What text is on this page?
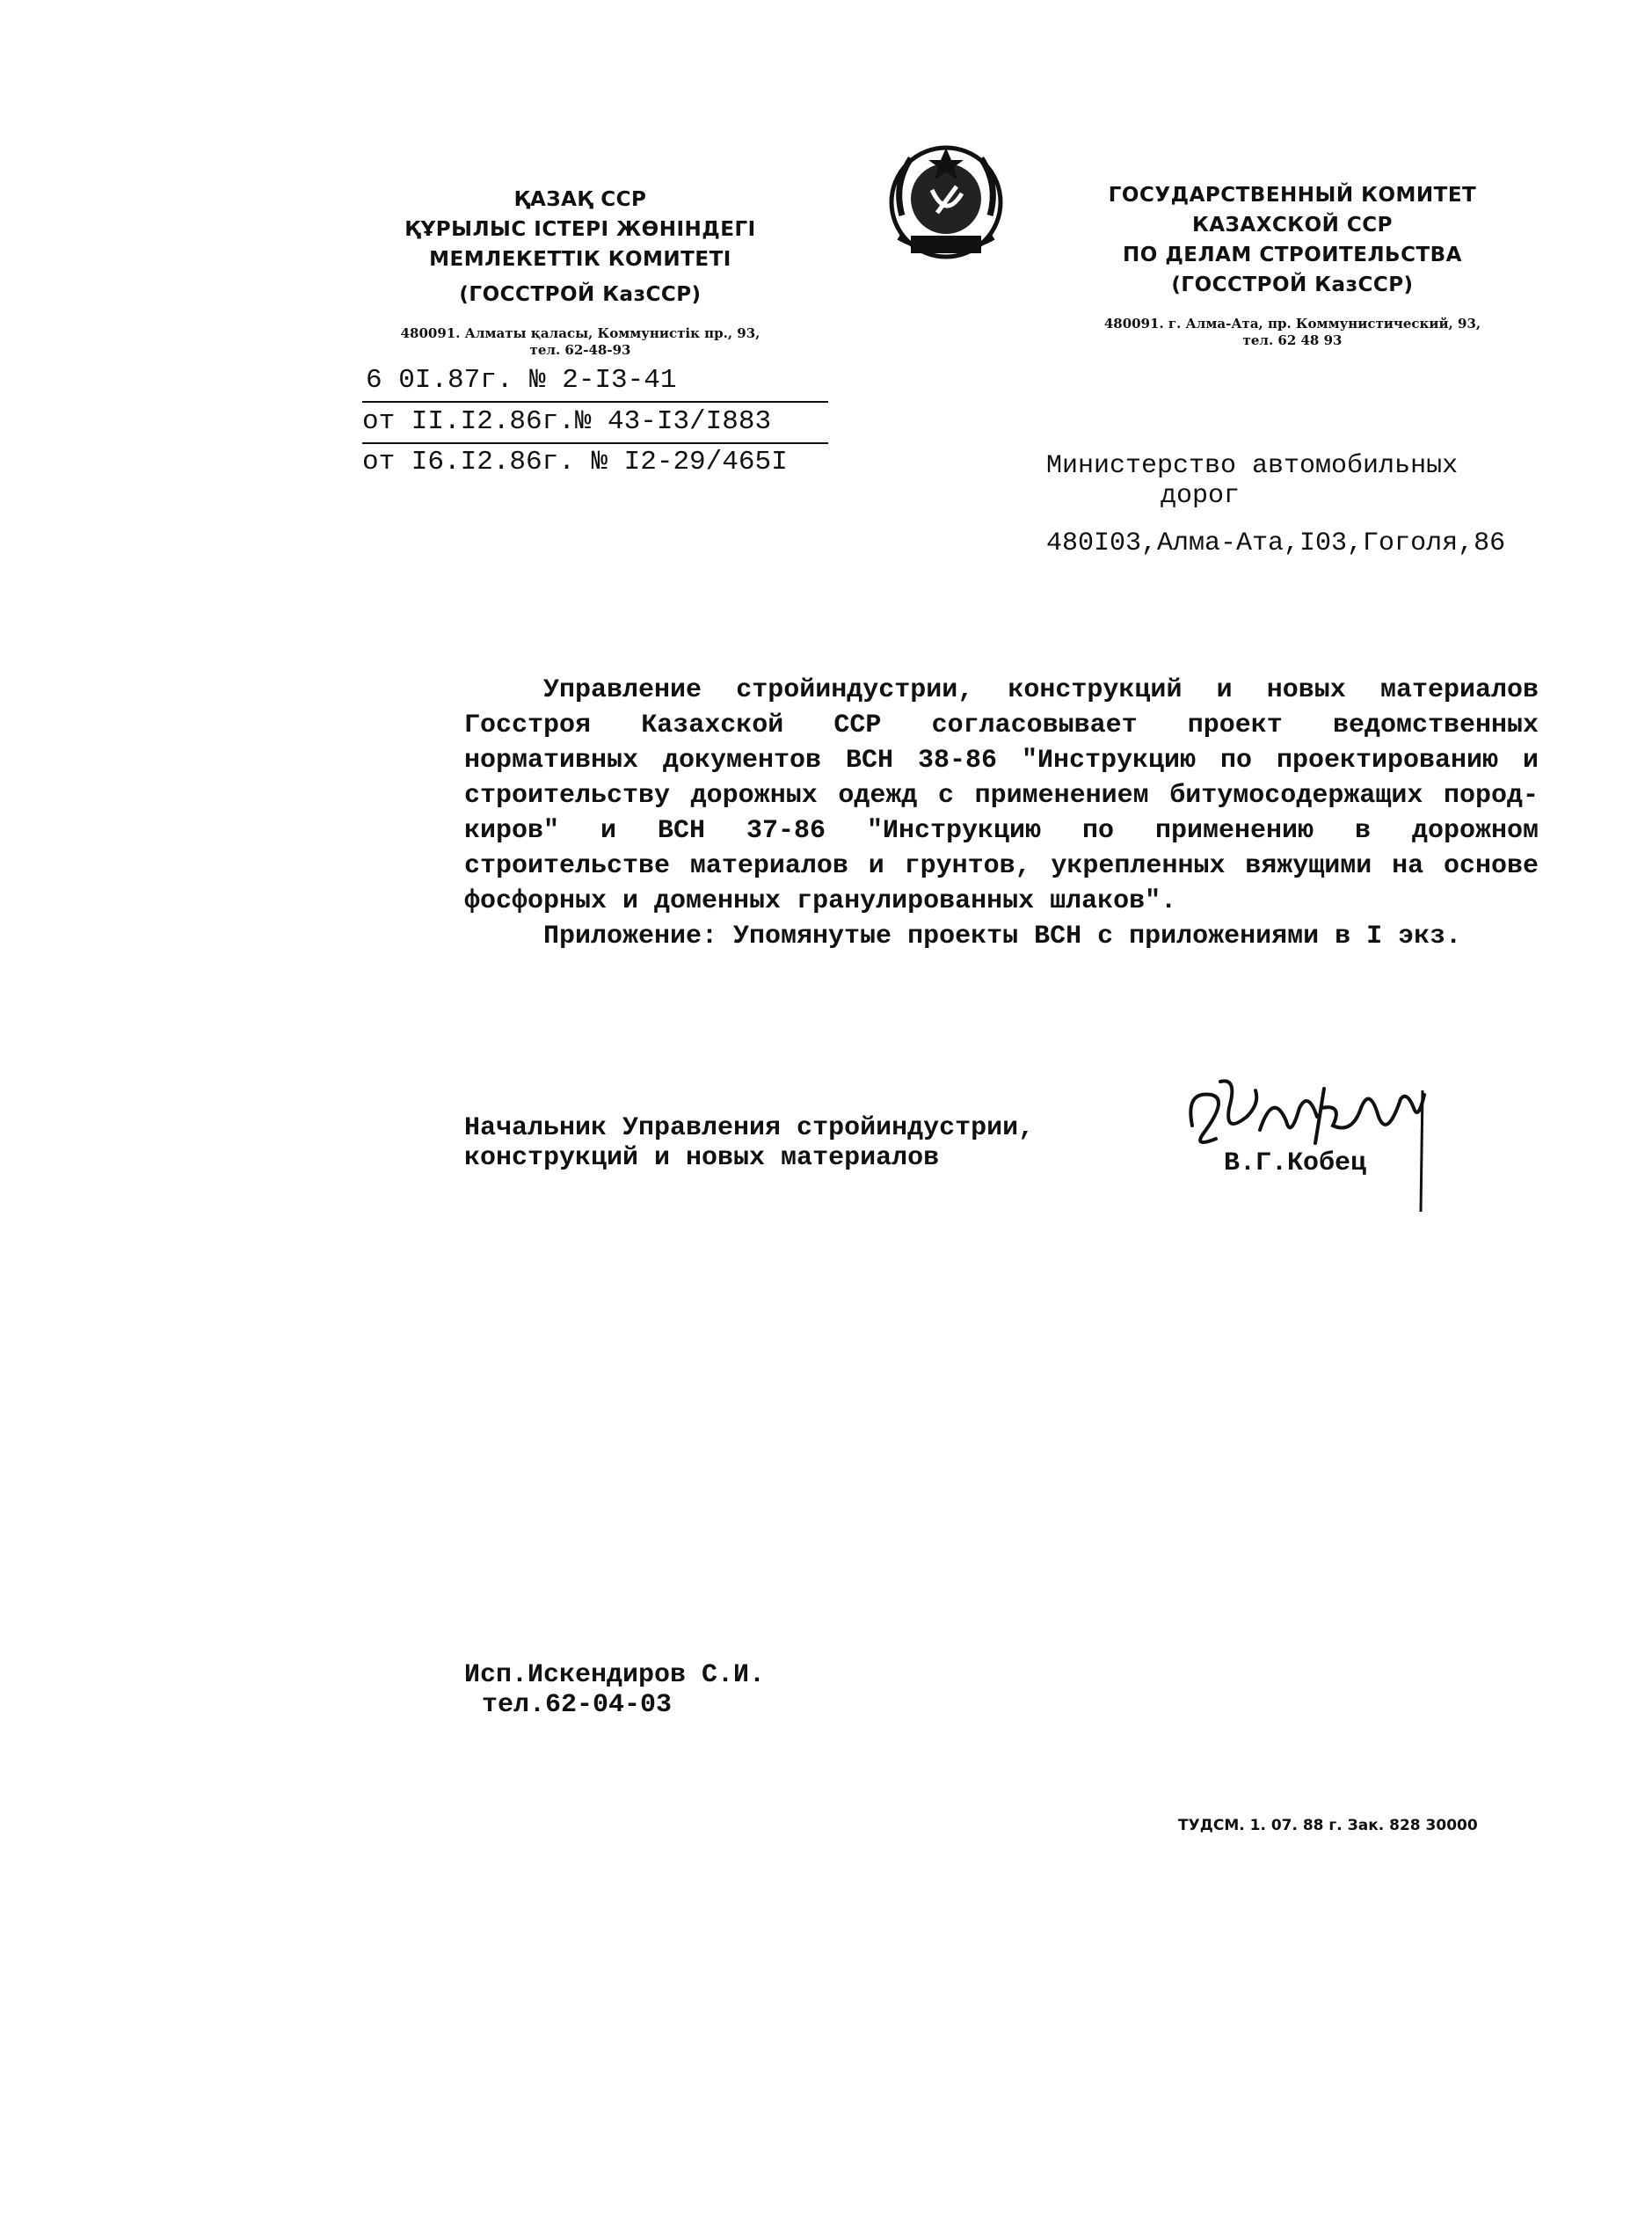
ҚАЗАҚ ССР
ҚҰРЫЛЫС ІСТЕРІ ЖӨНІНДЕГІ
МЕМЛЕКЕТТІК КОМИТЕТІ
(ГОССТРОЙ КазССР)
480091. Алматы қаласы, Коммунистік пр., 93,
тел. 62-48-93
ГОСУДАРСТВЕННЫЙ КОМИТЕТ
КАЗАХСКОЙ ССР
ПО ДЕЛАМ СТРОИТЕЛЬСТВА
(ГОССТРОЙ КазССР)
480091. г. Алма-Ата, пр. Коммунистический, 93,
тел. 62 48 93
6 0I.87г. № 2-I3-41
от II.I2.86г.№ 43-I3/I883
от I6.I2.86г. № I2-29/465I	Министерство автомобильных
дорог
480I03,Алма-Ата,I03,Гоголя,86

Управление стройиндустрии, конструкций и новых материалов Госстроя Казахской ССР согласовывает проект ведомственных нормативных документов ВСН 38-86 "Инструкцию по проектированию и строительству дорожных одежд с применением битумосодержащих пород-киров" и ВСН 37-86 "Инструкцию по применению в дорожном строительстве материалов и грунтов, укрепленных вяжущими на основе фосфорных и доменных гранулированных шлаков".

Приложение: Упомянутые проекты ВСН с приложениями в I экз.

Начальник Управления стройиндустрии,
конструкций и новых материалов	В.Г.Кобец
Исп.Искендиров С.И.
тел.62-04-03
ТУДСМ. 1. 07. 88 г. Зак. 828 30000
